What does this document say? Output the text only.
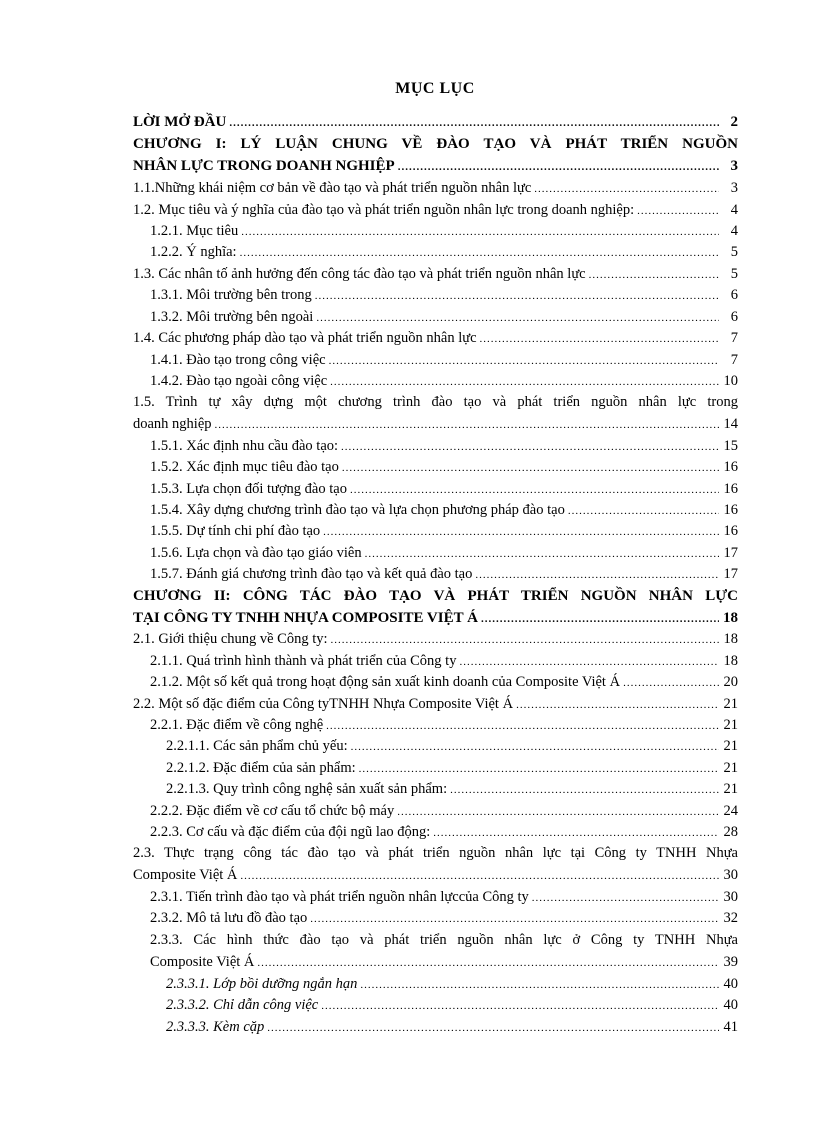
MỤC LỤC
LỜI MỞ ĐẦU .....	2
CHƯƠNG I: LÝ LUẬN CHUNG VỀ ĐÀO TẠO VÀ PHÁT TRIỂN NGUỒN
NHÂN LỰC TRONG DOANH NGHIỆP .....	3
1.1.Những khái niệm cơ bản về đào tạo và phát triển nguồn nhân lực .....	3
1.2. Mục tiêu và ý nghĩa của đào tạo và phát triển nguồn nhân lực trong doanh nghiệp: .....	4
1.2.1. Mục tiêu .....	4
1.2.2. Ý nghĩa: .....	5
1.3. Các nhân tố ảnh hưởng đến công tác đào tạo và phát triển nguồn nhân lực .....	5
1.3.1. Môi trường bên trong .....	6
1.3.2. Môi trường bên ngoài .....	6
1.4. Các phương pháp dào tạo và phát triển nguồn nhân lực .....	7
1.4.1. Đào tạo trong công việc .....	7
1.4.2. Đào tạo ngoài công việc .....	10
1.5. Trình tự xây dựng một chương trình đào tạo và phát triển nguồn nhân lực trong
doanh nghiệp .....	14
1.5.1. Xác định nhu cầu đào tạo: .....	15
1.5.2. Xác định mục tiêu đào tạo .....	16
1.5.3. Lựa chọn đối tượng đào tạo .....	16
1.5.4. Xây dựng chương trình đào tạo và lựa chọn phương pháp đào tạo .....	16
1.5.5. Dự tính chi phí đào tạo .....	16
1.5.6. Lựa chọn và đào tạo giáo viên .....	17
1.5.7. Đánh giá chương trình đào tạo và kết quả đào tạo .....	17
CHƯƠNG II: CÔNG TÁC ĐÀO TẠO VÀ PHÁT TRIỂN NGUỒN NHÂN LỰC
TẠI CÔNG TY TNHH NHỰA COMPOSITE VIỆT Á .....	18
2.1. Giới thiệu chung về Công ty: .....	18
2.1.1. Quá trình hình thành và phát triển của Công ty .....	18
2.1.2. Một số kết quả trong hoạt động sản xuất kinh doanh của Composite Việt Á .....	20
2.2. Một số đặc điểm của Công tyTNHH Nhựa Composite Việt Á .....	21
2.2.1. Đặc điểm về công nghệ .....	21
2.2.1.1. Các sản phẩm chủ yếu: .....	21
2.2.1.2. Đặc điểm của sản phẩm: .....	21
2.2.1.3. Quy trình công nghệ sản xuất sản phẩm: .....	21
2.2.2. Đặc điểm về cơ cấu tổ chức bộ máy .....	24
2.2.3. Cơ cấu và đặc điểm của đội ngũ lao động: .....	28
2.3. Thực trạng công tác đào tạo và phát triển nguồn nhân lực tại Công ty TNHH Nhựa
Composite Việt Á .....	30
2.3.1. Tiến trình đào tạo và phát triển nguồn nhân lựccủa Công ty .....	30
2.3.2. Mô tả lưu đồ đào tạo .....	32
2.3.3. Các hình thức đào tạo và phát triển nguồn nhân lực ở Công ty TNHH Nhựa
Composite Việt Á .....	39
2.3.3.1. Lớp bồi dưỡng ngắn hạn .....	40
2.3.3.2. Chỉ dẫn công việc .....	40
2.3.3.3. Kèm cặp .....	41
